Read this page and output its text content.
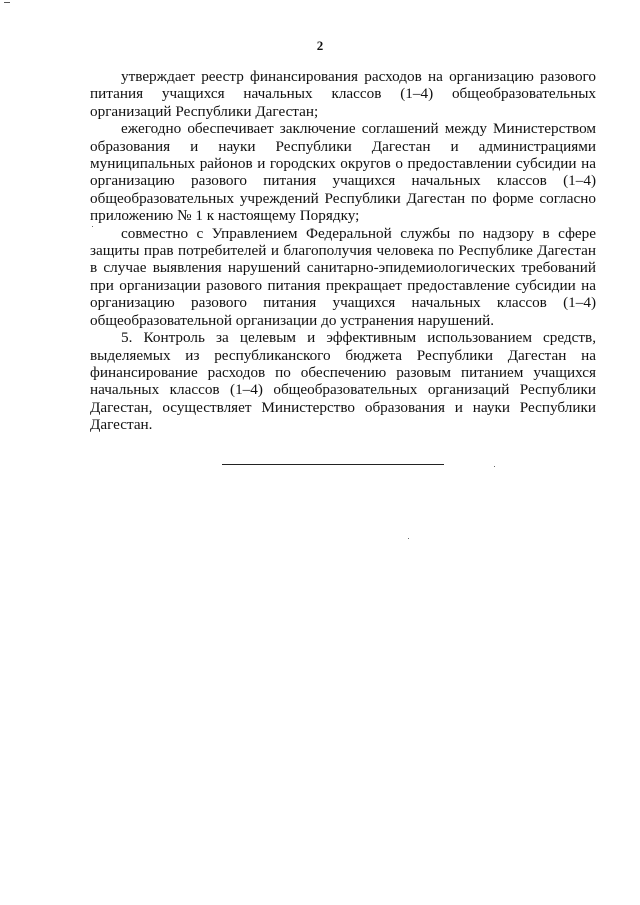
2

утверждает реестр финансирования расходов на организацию разового питания учащихся начальных классов (1–4) общеобразовательных организаций Республики Дагестан;

ежегодно обеспечивает заключение соглашений между Министерством образования и науки Республики Дагестан и администрациями муниципальных районов и городских округов о предоставлении субсидии на организацию разового питания учащихся начальных классов (1–4) общеобразовательных учреждений Республики Дагестан по форме согласно приложению № 1 к настоящему Порядку;

совместно с Управлением Федеральной службы по надзору в сфере защиты прав потребителей и благополучия человека по Республике Дагестан в случае выявления нарушений санитарно-эпидемиологических требований при организации разового питания прекращает предоставление субсидии на организацию разового питания учащихся начальных классов (1–4) общеобразовательной организации до устранения нарушений.

5. Контроль за целевым и эффективным использованием средств, выделяемых из республиканского бюджета Республики Дагестан на финансирование расходов по обеспечению разовым питанием учащихся начальных классов (1–4) общеобразовательных организаций Республики Дагестан, осуществляет Министерство образования и науки Республики Дагестан.
